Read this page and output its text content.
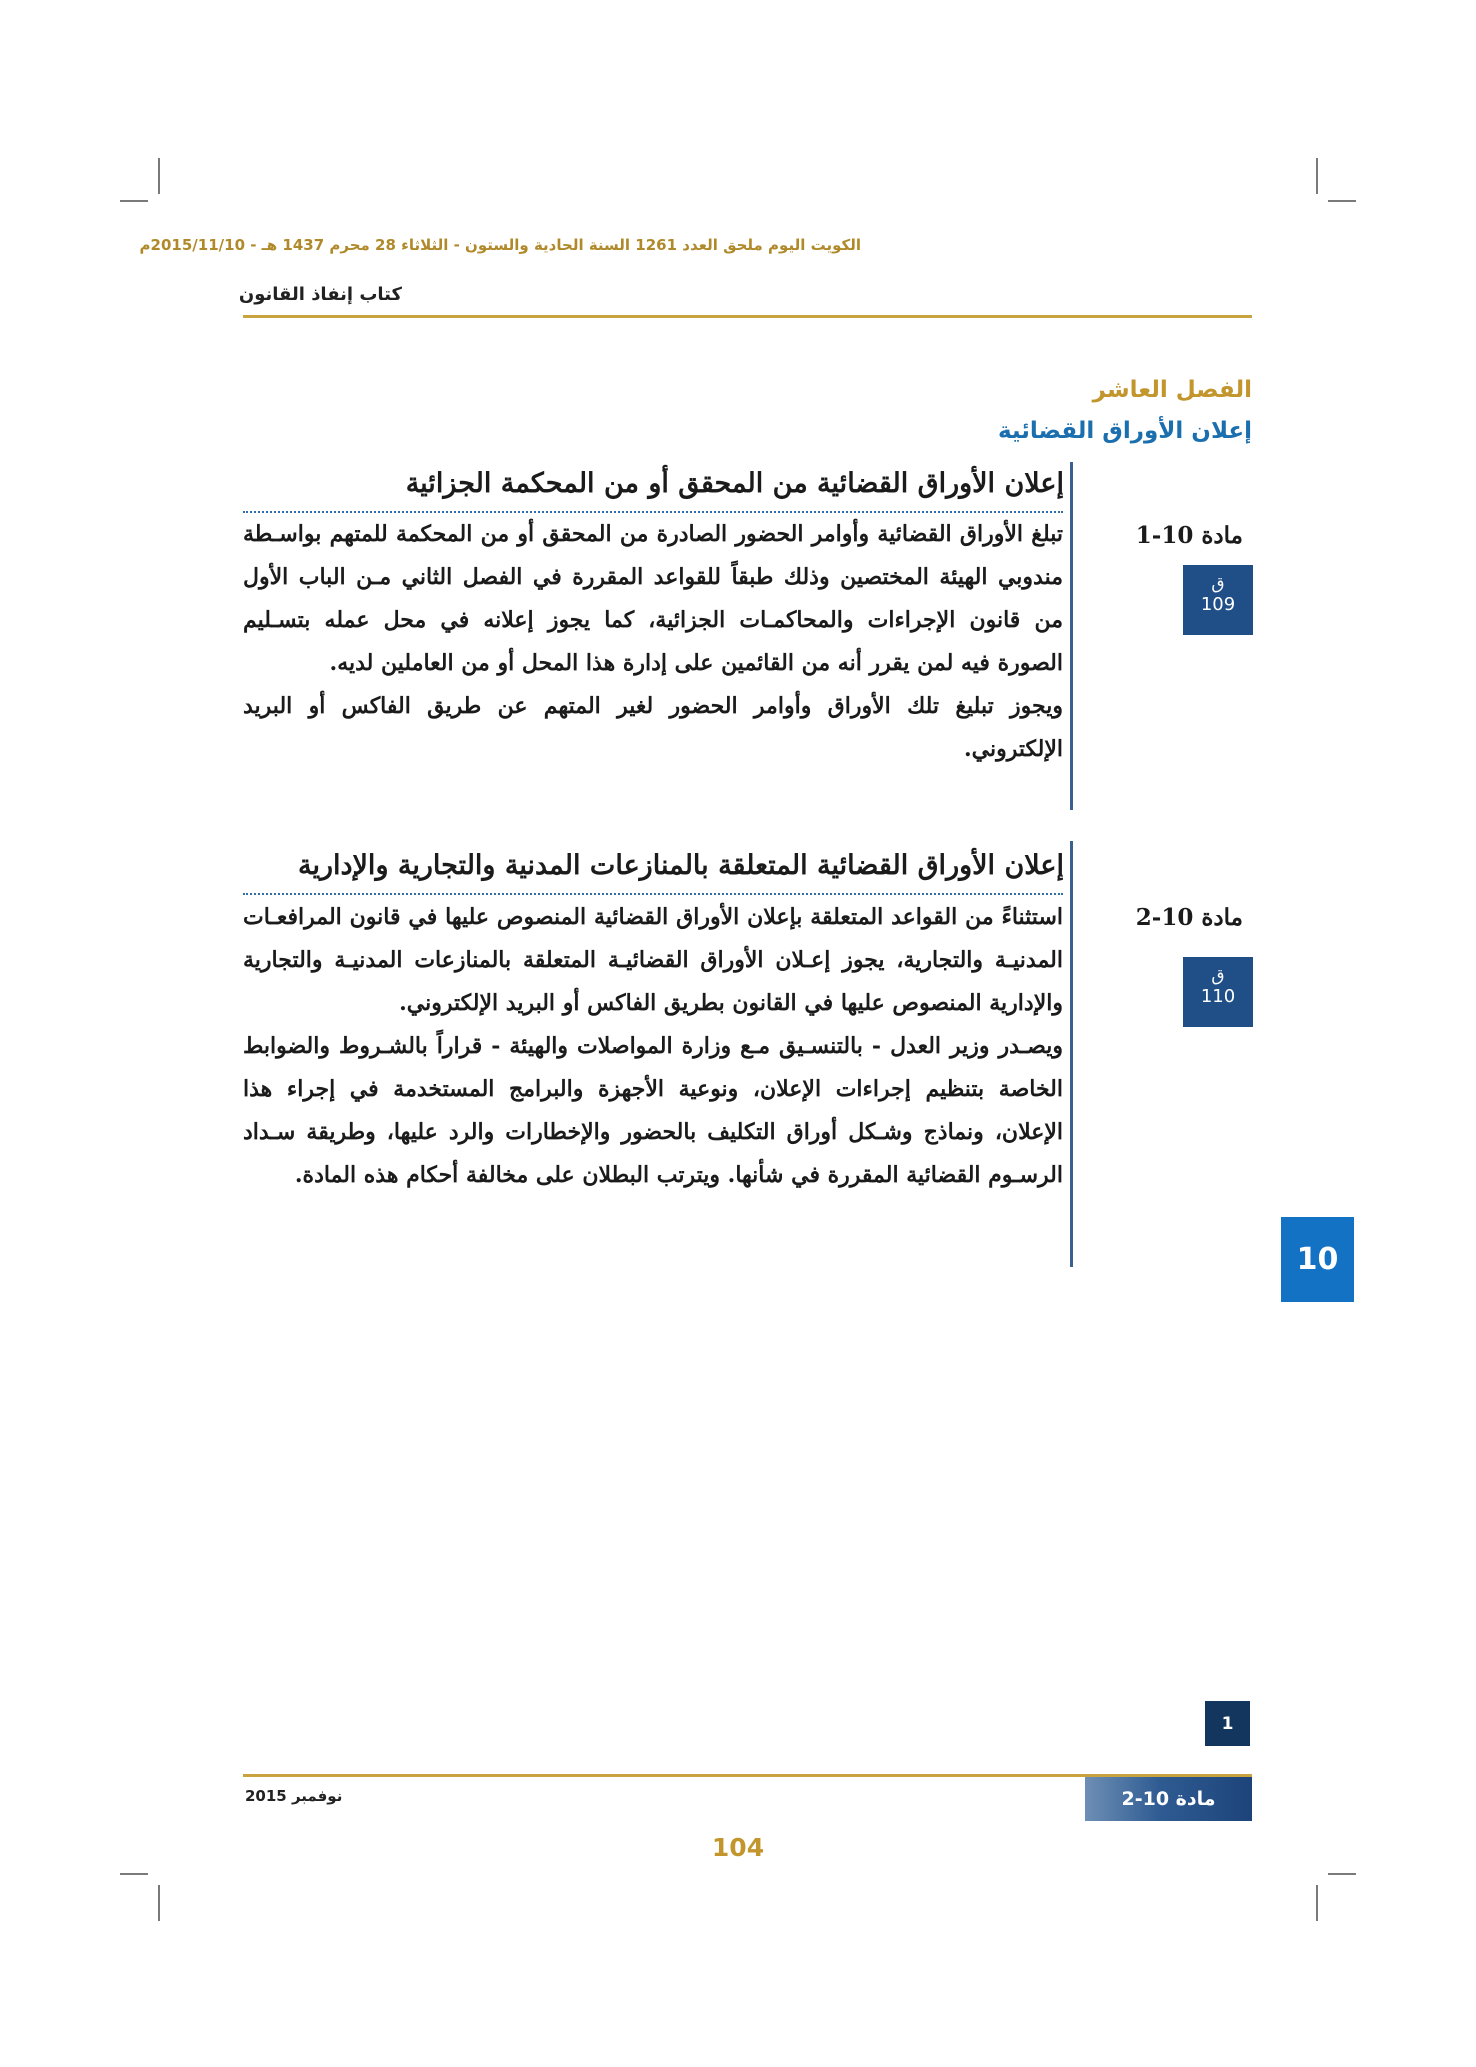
الكويت اليوم ملحق العدد 1261 السنة الحادية والستون - الثلاثاء 28 محرم 1437 هـ - 2015/11/10م
كتاب إنفاذ القانون
الفصل العاشر
إعلان الأوراق القضائية
إعلان الأوراق القضائية من المحقق أو من المحكمة الجزائية
مادة 10-1
ق
109

تبلغ الأوراق القضائية وأوامر الحضور الصادرة من المحقق أو من المحكمة للمتهم بواسـطة مندوبي الهيئة المختصين وذلك طبقاً للقواعد المقررة في الفصل الثاني مـن الباب الأول من قانون الإجراءات والمحاكمـات الجزائية، كما يجوز إعلانه في محل عمله بتسـليم الصورة فيه لمن يقرر أنه من القائمين على إدارة هذا المحل أو من العاملين لديه.

ويجوز تبليغ تلك الأوراق وأوامر الحضور لغير المتهم عن طريق الفاكس أو البريد الإلكتروني.

إعلان الأوراق القضائية المتعلقة بالمنازعات المدنية والتجارية والإدارية
مادة 10-2
ق
110

استثناءً من القواعد المتعلقة بإعلان الأوراق القضائية المنصوص عليها في قانون المرافعـات المدنيـة والتجارية، يجوز إعـلان الأوراق القضائيـة المتعلقة بالمنازعات المدنيـة والتجارية والإدارية المنصوص عليها في القانون بطريق الفاكس أو البريد الإلكتروني.

ويصـدر وزير العدل - بالتنسـيق مـع وزارة المواصلات والهيئة - قراراً بالشـروط والضوابط الخاصة بتنظيم إجراءات الإعلان، ونوعية الأجهزة والبرامج المستخدمة في إجراء هذا الإعلان، ونماذج وشـكل أوراق التكليف بالحضور والإخطارات والرد عليها، وطريقة سـداد الرسـوم القضائية المقررة في شأنها. ويترتب البطلان على مخالفة أحكام هذه المادة.

10
1
نوفمبر 2015	مادة 10-2
104
